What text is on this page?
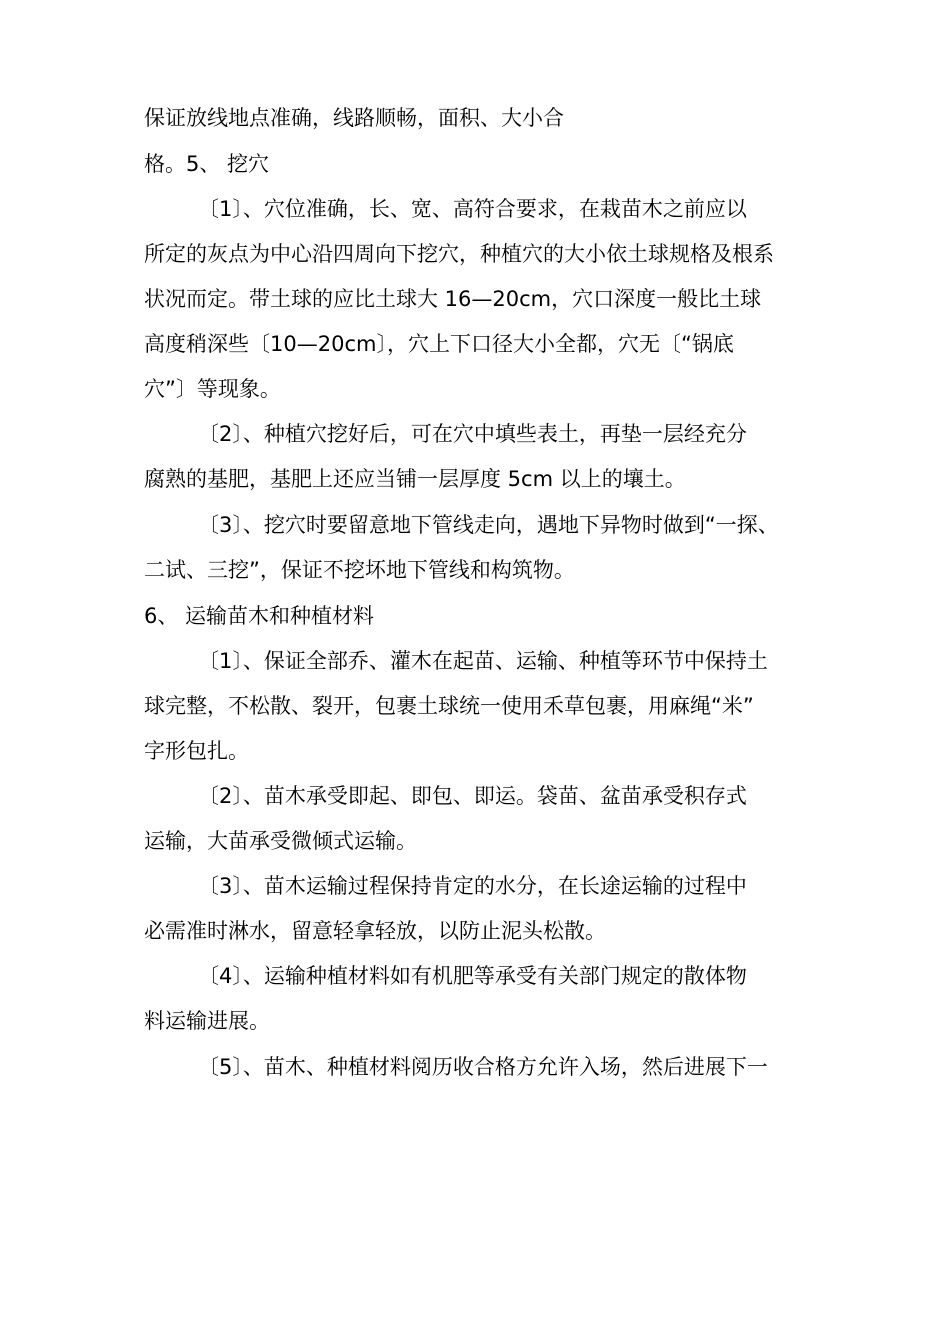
保证放线地点准确，线路顺畅，面积、大小合
格。5、 挖穴
〔1〕、穴位准确，长、宽、高符合要求，在栽苗木之前应以
所定的灰点为中心沿四周向下挖穴，种植穴的大小依土球规格及根系
状况而定。带土球的应比土球大 16—20cm，穴口深度一般比土球
高度稍深些〔10—20cm〕，穴上下口径大小全都，穴无〔“锅底
穴”〕等现象。
〔2〕、种植穴挖好后，可在穴中填些表土，再垫一层经充分
腐熟的基肥，基肥上还应当铺一层厚度 5cm 以上的壤土。
〔3〕、挖穴时要留意地下管线走向，遇地下异物时做到“一探、
二试、三挖”，保证不挖坏地下管线和构筑物。
6、 运输苗木和种植材料
〔1〕、保证全部乔、灌木在起苗、运输、种植等环节中保持土
球完整，不松散、裂开，包裹土球统一使用禾草包裹，用麻绳“米”
字形包扎。
〔2〕、苗木承受即起、即包、即运。袋苗、盆苗承受积存式
运输，大苗承受微倾式运输。
〔3〕、苗木运输过程保持肯定的水分，在长途运输的过程中
必需准时淋水，留意轻拿轻放，以防止泥头松散。
〔4〕、运输种植材料如有机肥等承受有关部门规定的散体物
料运输进展。
〔5〕、苗木、种植材料阅历收合格方允许入场，然后进展下一
